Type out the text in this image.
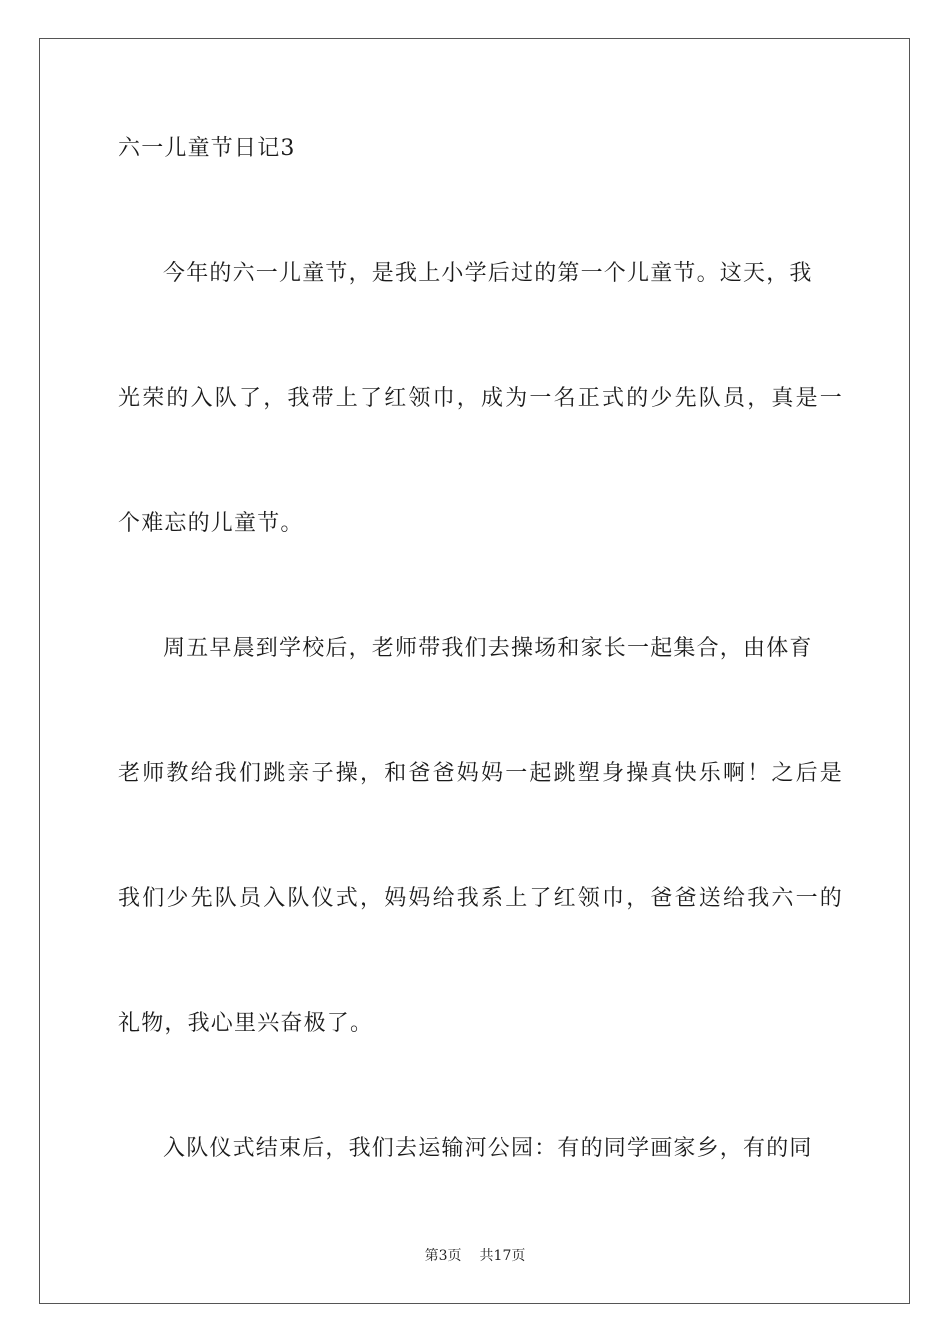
六一儿童节日记3
今年的六一儿童节，是我上小学后过的第一个儿童节。这天，我
光荣的入队了，我带上了红领巾，成为一名正式的少先队员，真是一
个难忘的儿童节。
周五早晨到学校后，老师带我们去操场和家长一起集合，由体育
老师教给我们跳亲子操，和爸爸妈妈一起跳塑身操真快乐啊！之后是
我们少先队员入队仪式，妈妈给我系上了红领巾，爸爸送给我六一的
礼物，我心里兴奋极了。
入队仪式结束后，我们去运输河公园：有的同学画家乡，有的同
第3页 共17页
